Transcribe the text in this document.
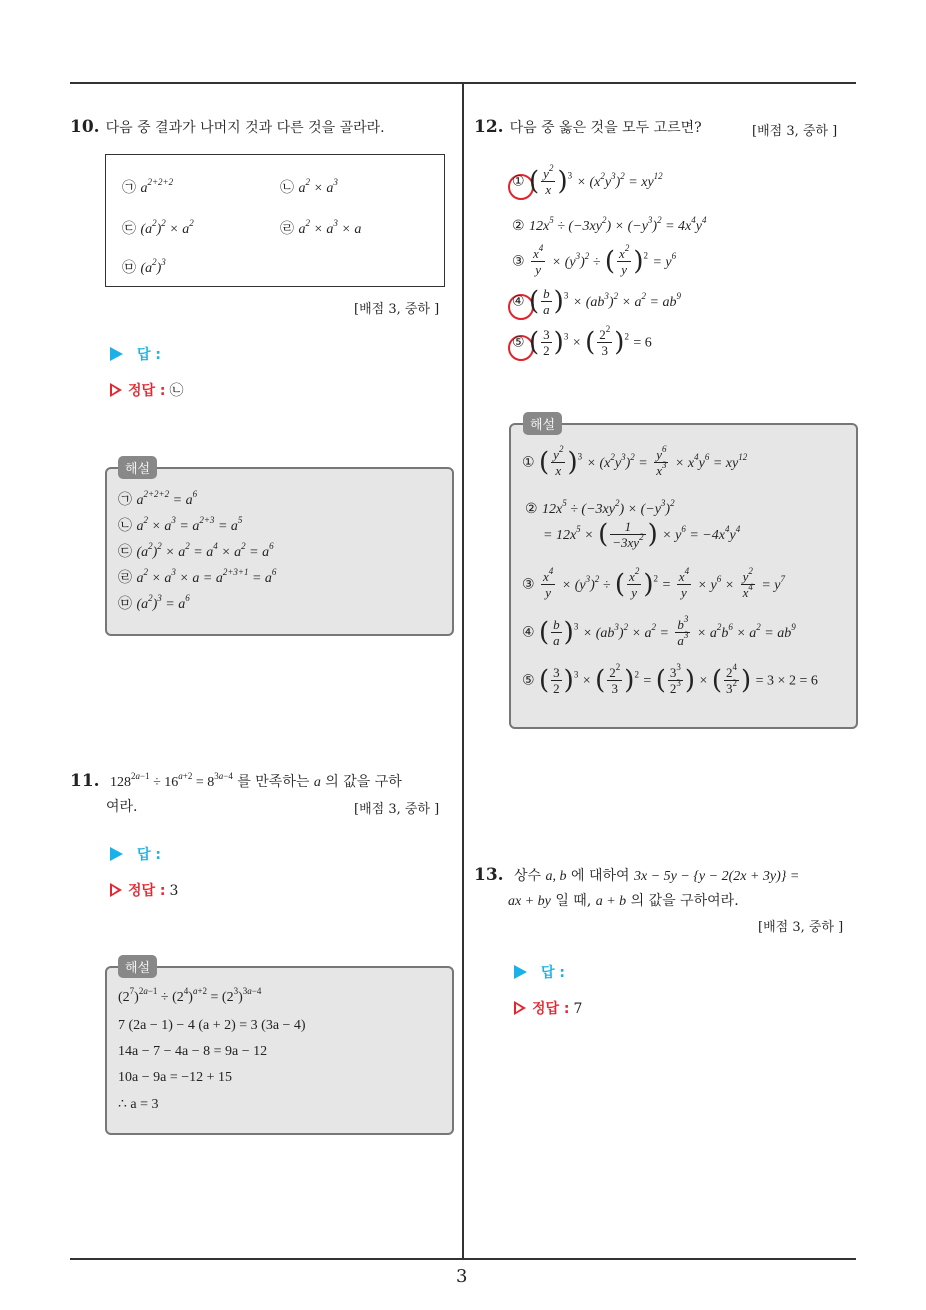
3
10. 다음 중 결과가 나머지 것과 다른 것을 골라라.
㉠ $a^{2+2+2}$	㉡ $a^2 \times a^3$
㉢ $(a^2)^2 \times a^2$	㉣ $a^2 \times a^3 \times a$
㉤ $(a^2)^3$
[배점 3, 중하 ]
답 :
정답 : ㉡
㉠ $a^{2+2+2} = a^6$
㉡ $a^2 \times a^3 = a^{2+3} = a^5$
㉢ $(a^2)^2 \times a^2 = a^4 \times a^2 = a^6$
㉣ $a^2 \times a^3 \times a = a^{2+3+1} = a^6$
㉤ $(a^2)^3 = a^6$
해설
11. $128^{2a-1} \div 16^{a+2} = 8^{3a-4}$ 를 만족하는 a 의 값을 구하
여라.	[배점 3, 중하 ]
답 :
정답 : 3
$(2^7)^{2a-1} \div (2^4)^{a+2} = (2^3)^{3a-4}$
7 (2a − 1) − 4 (a + 2) = 3 (3a − 4)
14a − 7 − 4a − 8 = 9a − 12
10a − 9a = −12 + 15
∴ a = 3
해설
12. 다음 중 옳은 것을 모두 고르면?	[배점 3, 중하 ]
① ( $\frac{y^2}{x} )^3 \times (x^2y^3)^2 = xy^{12}$
② $12x^5 \div (-3xy^2) \times (-y^3)^2 = 4x^4y^4$
③ $\frac{x^4}{y} \times (y^3)^2$ ÷ ( $\frac{x^2}{y} )^2 = y^6$
④ ( $\frac{b}{a} )^3 \times (ab^3)^2 \times a^2 = ab^9$
⑤ ( $\frac{3}{2} )^3$ × ( $\frac{2^2}{3} )^2 = 6$
① ( $\frac{y^2}{x} )^3 \times (x^2y^3)^2 = \frac{y^6}{x^3} \times x^4y^6 = xy^{12}$
② $12x^5 \div (-3xy^2) \times (-y^3)^2$
= $12x^5$ × ( $\frac{1}{-3xy^2}$ ) × $y^6 = -4x^4y^4$
③ $\frac{x^4}{y} \times (y^3)^2$ ÷ ( $\frac{x^2}{y} )^2 = \frac{x^4}{y} \times y^6 \times \frac{y^2}{x^4} = y^7$
④ ( $\frac{b}{a} )^3 \times (ab^3)^2 \times a^2 = \frac{b^3}{a^3} \times a^2b^6 \times a^2 = ab^9$
⑤ ( $\frac{3}{2} )^3$ × ( $\frac{2^2}{3} )^2$ = ( $\frac{3^3}{2^3}$ ) × ( $\frac{2^4}{3^2}$ ) = 3 × 2 = 6
해설
13. 상수 a, b 에 대하여 3x − 5y − {y − 2(2x + 3y)} =
ax + by 일 때, a + b 의 값을 구하여라.
[배점 3, 중하 ]
답 :
정답 : 7
